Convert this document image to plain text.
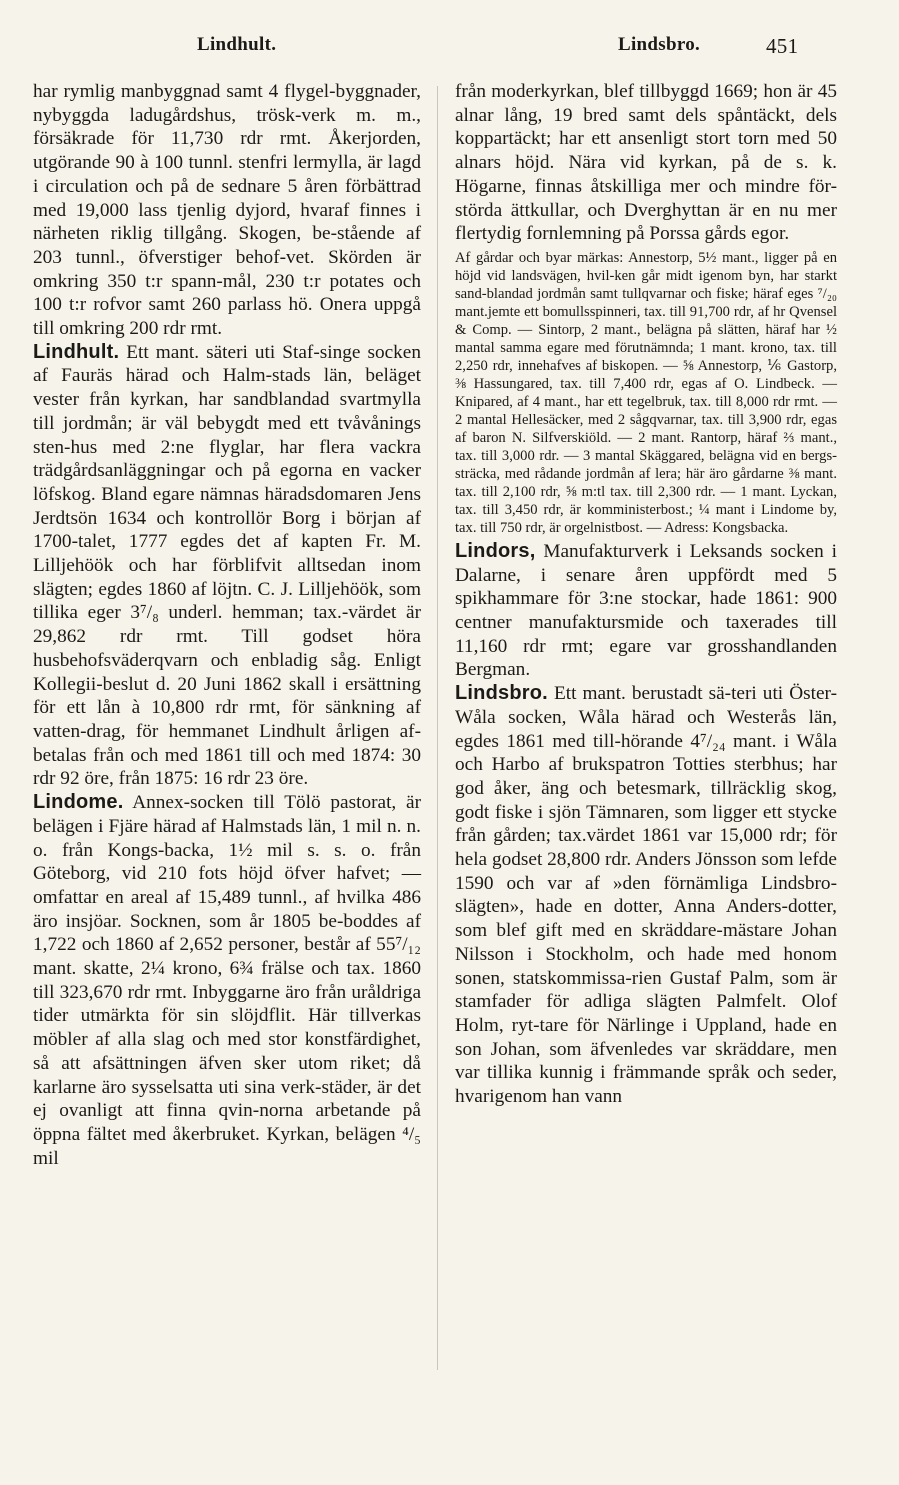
Lindhult.	Lindsbro.	451

har rymlig manbyggnad samt 4 flygel-byggnader, nybyggda ladugårdshus, trösk-verk m. m., försäkrade för 11,730 rdr rmt. Åkerjorden, utgörande 90 à 100 tunnl. stenfri lermylla, är lagd i circulation och på de sednare 5 åren förbättrad med 19,000 lass tjenlig dyjord, hvaraf finnes i närheten riklig tillgång. Skogen, be-stående af 203 tunnl., öfverstiger behof-vet. Skörden är omkring 350 t:r spann-mål, 230 t:r potates och 100 t:r rofvor samt 260 parlass hö. Onera uppgå till omkring 200 rdr rmt.

Lindhult. Ett mant. säteri uti Staf-singe socken af Fauräs härad och Halm-stads län, beläget vester från kyrkan, har sandblandad svartmylla till jordmån; är väl bebygdt med ett tvåvånings sten-hus med 2:ne flyglar, har flera vackra trädgårdsanläggningar och på egorna en vacker löfskog. Bland egare nämnas häradsdomaren Jens Jerdtsön 1634 och kontrollör Borg i början af 1700-talet, 1777 egdes det af kapten Fr. M. Lilljehöök och har förblifvit alltsedan inom slägten; egdes 1860 af löjtn. C. J. Lilljehöök, som tillika eger 3⁷/₈ underl. hemman; tax.-värdet är 29,862 rdr rmt. Till godset höra husbehofsväderqvarn och enbladig såg. Enligt Kollegii-beslut d. 20 Juni 1862 skall i ersättning för ett lån à 10,800 rdr rmt, för sänkning af vatten-drag, för hemmanet Lindhult årligen af-betalas från och med 1861 till och med 1874: 30 rdr 92 öre, från 1875: 16 rdr 23 öre.

Lindome. Annex-socken till Tölö pastorat, är belägen i Fjäre härad af Halmstads län, 1 mil n. n. o. från Kongs-backa, 1½ mil s. s. o. från Göteborg, vid 210 fots höjd öfver hafvet; — omfattar en areal af 15,489 tunnl., af hvilka 486 äro insjöar. Socknen, som år 1805 be-boddes af 1,722 och 1860 af 2,652 personer, består af 55⁷/₁₂ mant. skatte, 2¼ krono, 6¾ frälse och tax. 1860 till 323,670 rdr rmt. Inbyggarne äro från uråldriga tider utmärkta för sin slöjdflit. Här tillverkas möbler af alla slag och med stor konstfärdighet, så att afsättningen äfven sker utom riket; då karlarne äro sysselsatta uti sina verk-städer, är det ej ovanligt att finna qvin-norna arbetande på öppna fältet med åkerbruket. Kyrkan, belägen ⁴/₅ mil

från moderkyrkan, blef tillbyggd 1669; hon är 45 alnar lång, 19 bred samt dels spåntäckt, dels koppartäckt; har ett ansenligt stort torn med 50 alnars höjd. Nära vid kyrkan, på de s. k. Högarne, finnas åtskilliga mer och mindre för-störda ättkullar, och Dverghyttan är en nu mer flertydig fornlemning på Porssa gårds egor.

Af gårdar och byar märkas: Annestorp, 5½ mant., ligger på en höjd vid landsvägen, hvil-ken går midt igenom byn, har starkt sand-blandad jordmån samt tullqvarnar och fiske; häraf eges ⁷/₂₀ mant.jemte ett bomullsspinneri, tax. till 91,700 rdr, af hr Qvensel & Comp. — Sintorp, 2 mant., belägna på slätten, häraf har ½ mantal samma egare med förutnämnda; 1 mant. krono, tax. till 2,250 rdr, innehafves af biskopen. — ⅝ Annestorp, ⅙ Gastorp, ⅜ Hassungared, tax. till 7,400 rdr, egas af O. Lindbeck. — Knipared, af 4 mant., har ett tegelbruk, tax. till 8,000 rdr rmt. — 2 mantal Hellesäcker, med 2 sågqvarnar, tax. till 3,900 rdr, egas af baron N. Silfverskiöld. — 2 mant. Rantorp, häraf ⅔ mant., tax. till 3,000 rdr. — 3 mantal Skäggared, belägna vid en bergs-sträcka, med rådande jordmån af lera; här äro gårdarne ⅜ mant. tax. till 2,100 rdr, ⅝ m:tl tax. till 2,300 rdr. — 1 mant. Lyckan, tax. till 3,450 rdr, är komministerbost.; ¼ mant i Lindome by, tax. till 750 rdr, är orgelnistbost. — Adress: Kongsbacka.

Lindors, Manufakturverk i Leksands socken i Dalarne, i senare åren uppfördt med 5 spikhammare för 3:ne stockar, hade 1861: 900 centner manufaktursmide och taxerades till 11,160 rdr rmt; egare var grosshandlanden Bergman.

Lindsbro. Ett mant. berustadt sä-teri uti Öster-Wåla socken, Wåla härad och Westerås län, egdes 1861 med till-hörande 4⁷/₂₄ mant. i Wåla och Harbo af brukspatron Totties sterbhus; har god åker, äng och betesmark, tillräcklig skog, godt fiske i sjön Tämnaren, som ligger ett stycke från gården; tax.värdet 1861 var 15,000 rdr; för hela godset 28,800 rdr. Anders Jönsson som lefde 1590 och var af »den förnämliga Lindsbro-slägten», hade en dotter, Anna Anders-dotter, som blef gift med en skräddare-mästare Johan Nilsson i Stockholm, och hade med honom sonen, statskommissa-rien Gustaf Palm, som är stamfader för adliga slägten Palmfelt. Olof Holm, ryt-tare för Närlinge i Uppland, hade en son Johan, som äfvenledes var skräddare, men var tillika kunnig i främmande språk och seder, hvarigenom han vann
